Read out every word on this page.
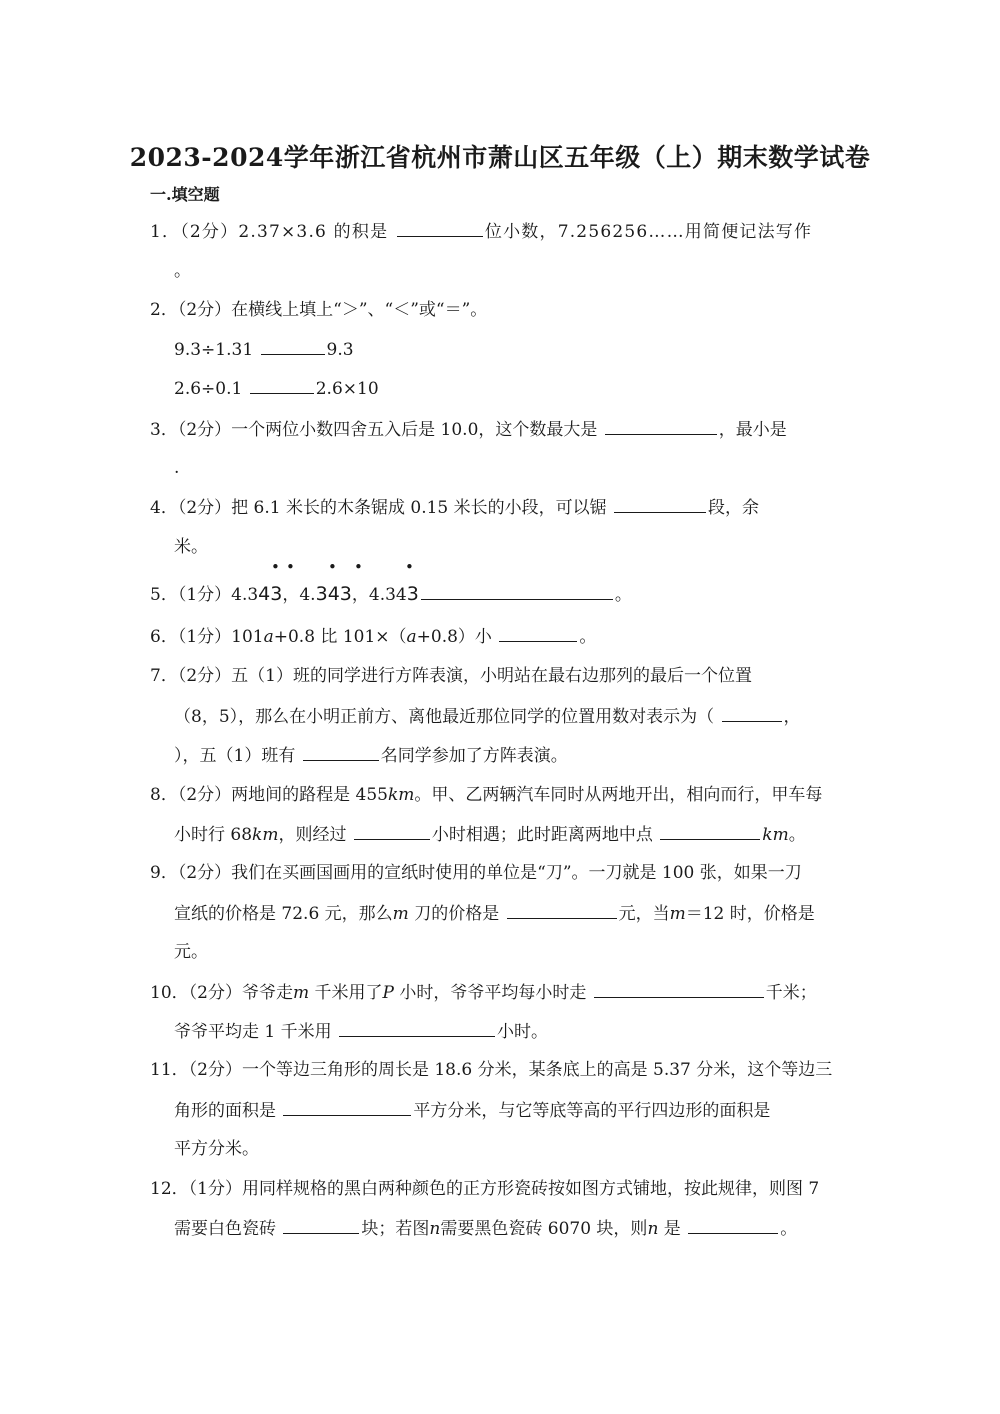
2023-2024学年浙江省杭州市萧山区五年级（上）期末数学试卷
一.填空题
1．（2分）2.37×3.6 的积是	位小数，7.256256……用简便记法写作
。
2．（2分）在横线上填上“＞”、“＜”或“＝”。
9.3÷1.31	9.3
2.6÷0.1	2.6×10
3．（2分）一个两位小数四舍五入后是 10.0，这个数最大是	，最小是
.
4．（2分）把 6.1 米长的木条锯成 0.15 米长的小段，可以锯	段，余
米。
• • • •	•
5．（1分）4.343，4.343，4.343	。
6．（1分）101a+0.8 比 101×（a+0.8）小	。
7．（2分）五（1）班的同学进行方阵表演，小明站在最右边那列的最后一个位置
（8，5），那么在小明正前方、离他最近那位同学的位置用数对表示为（	，
），五（1）班有	名同学参加了方阵表演。
8．（2分）两地间的路程是 455km。甲、乙两辆汽车同时从两地开出，相向而行，甲车每
小时行 68km，则经过	小时相遇；此时距离两地中点	km。
9．（2分）我们在买画国画用的宣纸时使用的单位是“刀”。一刀就是 100 张，如果一刀
宣纸的价格是 72.6 元，那么m 刀的价格是	元，当m＝12 时，价格是
元。
10．（2分）爷爷走m 千米用了P 小时，爷爷平均每小时走	千米；
爷爷平均走 1 千米用	小时。
11．（2分）一个等边三角形的周长是 18.6 分米，某条底上的高是 5.37 分米，这个等边三
角形的面积是	平方分米，与它等底等高的平行四边形的面积是
平方分米。
12．（1分）用同样规格的黑白两种颜色的正方形瓷砖按如图方式铺地，按此规律，则图 7
需要白色瓷砖	块；若图n需要黑色瓷砖 6070 块，则n 是	。
